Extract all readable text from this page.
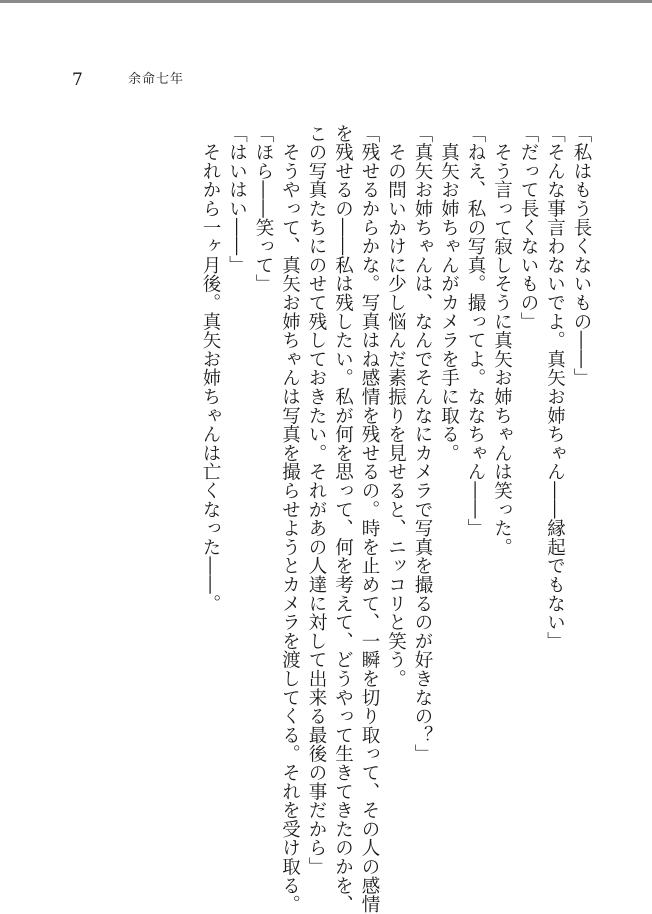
7	余命七年
「私はもう長くないもの――」
「そんな事言わないでよ。真矢お姉ちゃん――縁起でもない」
「だって長くないもの」
　そう言って寂しそうに真矢お姉ちゃんは笑った。
「ねえ、私の写真。撮ってよ。ななちゃん――」
　真矢お姉ちゃんがカメラを手に取る。
「真矢お姉ちゃんは、なんでそんなにカメラで写真を撮るのが好きなの？」
　その問いかけに少し悩んだ素振りを見せると、ニッコリと笑う。
「残せるからかな。写真はね感情を残せるの。時を止めて、一瞬を切り取って、その人の感情
を残せるの――私は残したい。私が何を思って、何を考えて、どうやって生きてきたのかを、
この写真たちにのせて残しておきたい。それがあの人達に対して出来る最後の事だから」
　そうやって、真矢お姉ちゃんは写真を撮らせようとカメラを渡してくる。それを受け取る。
「ほら――笑って」
「はいはい――」
　それから一ヶ月後。真矢お姉ちゃんは亡くなった――。
